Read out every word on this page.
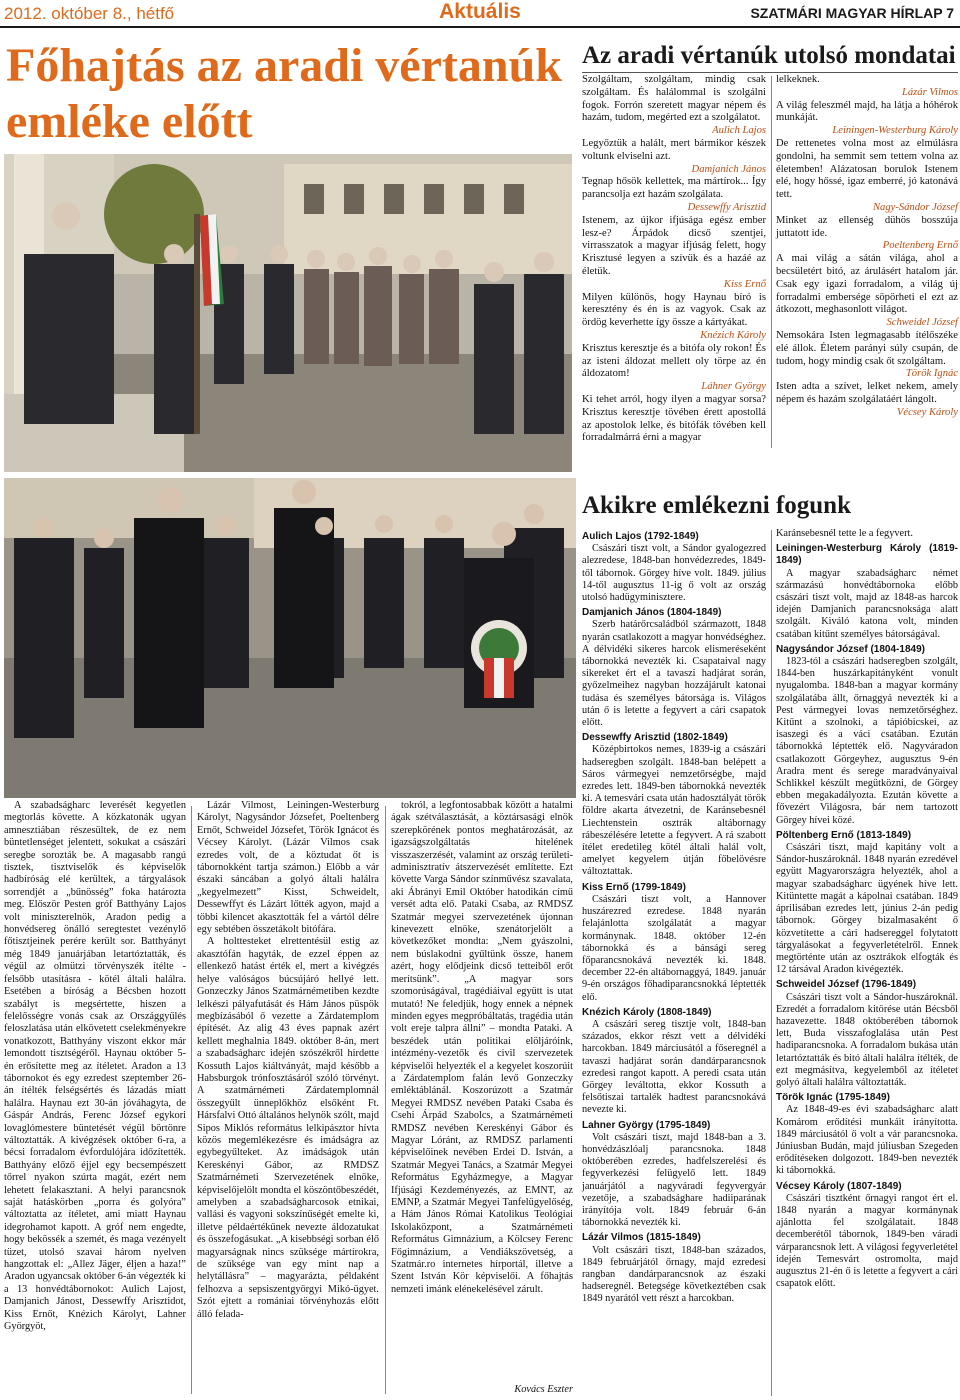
2012. október 8., hétfő	Aktuális	SZATMÁRI MAGYAR HÍRLAP 7
Főhajtás az aradi vértanúk emléke előtt
Az aradi vértanúk utolsó mondatai

Szolgáltam, szolgáltam, mindig csak szolgáltam. És halálommal is szolgálni fogok. Forrón szeretett magyar népem és hazám, tudom, megérted ezt a szolgálatot.

Aulich Lajos

Legyőztük a halált, mert bármikor készek voltunk elviselni azt.

Damjanich János

Tegnap hősök kellettek, ma mártírok... Így parancsolja ezt hazám szolgálata.

Dessewffy Arisztid

Istenem, az újkor ifjúsága egész ember lesz-e? Árpádok dicső szentjei, virrasszatok a magyar ifjúság felett, hogy Krisztusé legyen a szívük és a hazáé az életük.

Kiss Ernő

Milyen különös, hogy Haynau bíró is keresztény és én is az vagyok. Csak az ördög keverhette így össze a kártyákat.

Knézich Károly

Krisztus keresztje és a bitófa oly rokon! És az isteni áldozat mellett oly törpe az én áldozatom!

Láhner György

Ki tehet arról, hogy ilyen a magyar sorsa? Krisztus keresztje tövében érett apostollá az apostolok lelke, és bitófák tövében kell forradalmárrá érni a magyar

lelkeknek.

Lázár Vilmos

A világ feleszmél majd, ha látja a hóhérok munkáját.

Leiningen-Westerburg Károly

De rettenetes volna most az elmúlásra gondolni, ha semmit sem tettem volna az életemben! Alázatosan borulok Istenem elé, hogy hőssé, igaz emberré, jó katonává tett.

Nagy-Sándor József

Minket az ellenség dühös bosszúja juttatott ide.

Poeltenberg Ernő

A mai világ a sátán világa, ahol a becsületért bitó, az árulásért hatalom jár. Csak egy igazi forradalom, a világ új forradalmi embersége söpörheti el ezt az átkozott, meghasonlott világot.

Schweidel József

Nemsokára Isten legmagasabb ítélőszéke elé állok. Életem parányi súly csupán, de tudom, hogy mindig csak őt szolgáltam.

Török Ignác

Isten adta a szívet, lelket nekem, amely népem és hazám szolgálatáért lángolt.

Vécsey Károly

A szabadságharc leverését kegyetlen megtorlás követte. A közkatonák ugyan amnesztiában részesültek, de ez nem büntetlenséget jelentett, sokukat a császári seregbe sorozták be. A magasabb rangú tisztek, tisztviselők és képviselők hadbíróság elé kerültek, a tárgyalások sorrendjét a „bűnösség” foka határozta meg. Először Pesten gróf Batthyány Lajos volt miniszterelnök, Aradon pedig a honvédsereg önálló seregtestet vezénylő főtisztjeinek perére került sor. Batthyányt még 1849 januárjában letartóztatták, és végül az olmützi törvényszék ítélte - felsőbb utasításra - kötél általi halálra. Esetében a bíróság a Bécsben hozott szabályt is megsértette, hiszen a felelősségre vonás csak az Országgyűlés feloszlatása után elkövetett cselekményekre vonatkozott, Batthyány viszont ekkor már lemondott tisztségéről. Haynau október 5-én erősítette meg az ítéletet. Aradon a 13 tábornokot és egy ezredest szeptember 26-án ítélték felségsértés és lázadás miatt halálra. Haynau ezt 30-án jóváhagyta, de Gáspár András, Ferenc József egykori lovaglómestere büntetését végül börtönre változtatták. A kivégzések október 6-ra, a bécsi forradalom évfordulójára időzítették. Batthyány előző éjjel egy becsempészett tőrrel nyakon szúrta magát, ezért nem lehetett felakasztani. A helyi parancsnok saját hatáskörben „porra és golyóra” változtatta az ítéletet, ami miatt Haynau idegrohamot kapott. A gróf nem engedte, hogy bekössék a szemét, és maga vezényelt tüzet, utolsó szavai három nyelven hangzottak el: „Allez Jäger, éljen a haza!” Aradon ugyancsak október 6-án végezték ki a 13 honvédtábornokot: Aulich Lajost, Damjanich Jánost, Dessewffy Arisztidot, Kiss Ernőt, Knézich Károlyt, Lahner Györgyöt,

Lázár Vilmost, Leiningen-Westerburg Károlyt, Nagysándor Józsefet, Poeltenberg Ernőt, Schweidel Józsefet, Török Ignácot és Vécsey Károlyt. (Lázár Vilmos csak ezredes volt, de a köztudat őt is tábornokként tartja számon.) Előbb a vár északi sáncában a golyó általi halálra „kegyelmezett” Kisst, Schweidelt, Dessewffyt és Lázárt lőtték agyon, majd a többi kilencet akasztották fel a vártól délre egy sebtében összetákolt bitófára.

A holttesteket elrettentésül estig az akasztófán hagyták, de ezzel éppen az ellenkező hatást érték el, mert a kivégzés helye valóságos búcsújáró hellyé lett. Gonzeczky János Szatmárnémetiben kezdte lelkészi pályafutását és Hám János püspök megbízásából ő vezette a Zárdatemplom építését. Az alig 43 éves papnak azért kellett meghalnia 1849. október 8-án, mert a szabadságharc idején szószékről hirdette Kossuth Lajos kiáltványát, majd később a Habsburgok trónfosztásáról szóló törvényt. A szatmárnémeti Zárdatemplomnál összegyűlt ünneplőkhöz elsőként Ft. Hársfalvi Ottó általános helynök szólt, majd Sipos Miklós református lelkipásztor hívta közös megemlékezésre és imádságra az egybegyűlteket. Az imádságok után Kereskényi Gábor, az RMDSZ Szatmárnémeti Szervezetének elnöke, képviselőjelölt mondta el köszöntőbeszédét, amelyben a szabadságharcosok etnikai, vallási és vagyoni sokszínűségét emelte ki, illetve példaértékűnek nevezte áldozatukat és összefogásukat. „A kisebbségi sorban élő magyarságnak nincs szüksége mártírokra, de szüksége van egy mint nap a helytállásra” – magyarázta, példaként felhozva a sepsiszentgyörgyi Mikó-ügyet. Szót ejtett a romániai törvényhozás előtt álló felada-

tokról, a legfontosabbak között a hatalmi ágak szétválasztását, a köztársasági elnök szerepkörének pontos meghatározását, az igazságszolgáltatás hitelének visszaszerzését, valamint az ország területi-adminisztratív átszervezését említette. Ezt követte Varga Sándor színművész szavalata, aki Ábrányi Emil Október hatodikán című versét adta elő. Pataki Csaba, az RMDSZ Szatmár megyei szervezetének újonnan kinevezett elnöke, szenátorjelölt a következőket mondta: „Nem gyászolni, nem búslakodni gyűltünk össze, hanem azért, hogy elődjeink dicső tetteiből erőt merítsünk”. „A magyar sors szomorúságával, tragédiáival együtt is utat mutató! Ne feledjük, hogy ennek a népnek minden egyes megpróbáltatás, tragédia után volt ereje talpra állni” – mondta Pataki. A beszédek után politikai elöljáróink, intézmény-vezetők és civil szervezetek képviselői helyezték el a kegyelet koszorúit a Zárdatemplom falán levő Gonzeczky emléktáblánál. Koszorúzott a Szatmár Megyei RMDSZ nevében Pataki Csaba és Csehi Árpád Szabolcs, a Szatmárnémeti RMDSZ nevében Kereskényi Gábor és Magyar Lóránt, az RMDSZ parlamenti képviselőinek nevében Erdei D. István, a Szatmár Megyei Tanács, a Szatmár Megyei Református Egyházmegye, a Magyar Ifjúsági Kezdeményezés, az EMNT, az EMNP, a Szatmár Megyei Tanfelügyelőség, a Hám János Római Katolikus Teológiai Iskolaközpont, a Szatmárnémeti Református Gimnázium, a Kölcsey Ferenc Főgimnázium, a Vendiákszövetség, a Szatmár.ro internetes hírportál, illetve a Szent István Kör képviselői. A főhajtás nemzeti imánk elénekelésével zárult.

Kovács Eszter
Akikre emlékezni fogunk

Aulich Lajos (1792-1849)

Császári tiszt volt, a Sándor gyalogezred alezredese, 1848-ban honvédezredes, 1849-től tábornok. Görgey híve volt. 1849. július 14-től augusztus 11-ig ő volt az ország utolsó hadügyminisztere.

Damjanich János (1804-1849)

Szerb határőrcsaládból származott, 1848 nyarán csatlakozott a magyar honvédséghez. A délvidéki sikeres harcok elismeréseként tábornokká nevezték ki. Csapataival nagy sikereket ért el a tavaszi hadjárat során, győzelmeihez nagyban hozzájárult katonai tudása és személyes bátorsága is. Világos után ő is letette a fegyvert a cári csapatok előtt.

Dessewffy Arisztid (1802-1849)

Középbirtokos nemes, 1839-ig a császári hadseregben szolgált. 1848-ban belépett a Sáros vármegyei nemzetőrségbe, majd ezredes lett. 1849-ben tábornokká nevezték ki. A temesvári csata után hadosztályát török földre akarta átvezetni, de Karánsebesnél Liechtenstein osztrák altábornagy rábeszélésére letette a fegyvert. A rá szabott ítélet eredetileg kötél általi halál volt, amelyet kegyelem útján főbelövésre változtattak.

Kiss Ernő (1799-1849)

Császári tiszt volt, a Hannover huszárezred ezredese. 1848 nyarán felajánlotta szolgálatát a magyar kormánynak. 1848. október 12-én tábornokká és a bánsági sereg főparancsnokává nevezték ki. 1848. december 22-én altábornaggyá, 1849. január 9-én országos főhadiparancsnokká léptették elő.

Knézich Károly (1808-1849)

A császári sereg tisztje volt, 1848-ban százados, ekkor részt vett a délvidéki harcokban. 1849 márciusától a főseregnél a tavaszi hadjárat során dandárparancsnok ezredesi rangot kapott. A peredi csata után Görgey leváltotta, ekkor Kossuth a felsőtiszai tartalék hadtest parancsnokává nevezte ki.

Lahner György (1795-1849)

Volt császári tiszt, majd 1848-ban a 3. honvédzászlóalj parancsnoka. 1848 októberében ezredes, hadfelszerelési és fegyverkezési felügyelő lett. 1849 januárjától a nagyváradi fegyvergyár vezetője, a szabadsághare hadiiparának irányítója volt. 1849 február 6-án tábornokká nevezték ki.

Lázár Vilmos (1815-1849)

Volt császári tiszt, 1848-ban százados, 1849 februárjától őrnagy, majd ezredesi rangban dandárparancsnok az északi hadseregnél. Betegsége következtében csak 1849 nyarától vett részt a harcokban.

Karánsebesnél tette le a fegyvert.

Leiningen-Westerburg Károly (1819-1849)

A magyar szabadságharc német származású honvédtábornoka előbb császári tiszt volt, majd az 1848-as harcok idején Damjanich parancsnoksága alatt szolgált. Kiváló katona volt, minden csatában kitűnt személyes bátorságával.

Nagysándor József (1804-1849)

1823-tól a császári hadseregben szolgált, 1844-ben huszárkapitányként vonult nyugalomba. 1848-ban a magyar kormány szolgálatába állt, őrnaggyá nevezték ki a Pest vármegyei lovas nemzetőrséghez. Kitűnt a szolnoki, a tápióbicskei, az isaszegi és a váci csatában. Ezután tábornokká léptették elő. Nagyváradon csatlakozott Görgeyhez, augusztus 9-én Aradra ment és serege maradványaival Schlikkel készült megütközni, de Görgey ebben megakadályozta. Ezután követte a fővezért Világosra, bár nem tartozott Görgey hívei közé.

Pöltenberg Ernő (1813-1849)

Császári tiszt, majd kapitány volt a Sándor-huszároknál. 1848 nyarán ezredével együtt Magyarországra helyezték, ahol a magyar szabadságharc ügyének híve lett. Kitüntette magát a kápolnai csatában. 1849 áprilisában ezredes lett, június 2-án pedig tábornok. Görgey bizalmasaként ő közvetítette a cári hadsereggel folytatott tárgyalásokat a fegyverletételről. Ennek megtörténte után az osztrákok elfogták és 12 társával Aradon kivégezték.

Schweidel József (1796-1849)

Császári tiszt volt a Sándor-huszároknál. Ezredét a forradalom kitörése után Bécsből hazavezette. 1848 októberében tábornok lett, Buda visszafoglalása után Pest hadiparancsnoka. A forradalom bukása után letartóztatták és bitó általi halálra ítélték, de ezt megmásítva, kegyelemből az ítéletet golyó általi halálra változtatták.

Török Ignác (1795-1849)

Az 1848-49-es évi szabadságharc alatt Komárom erődítési munkáit irányította. 1849 márciusától ő volt a vár parancsnoka. Júniusban Budán, majd júliusban Szegeden erődítéseken dolgozott. 1849-ben nevezték ki tábornokká.

Vécsey Károly (1807-1849)

Császári tisztként őrnagyi rangot ért el. 1848 nyarán a magyar kormánynak ajánlotta fel szolgálatait. 1848 decemberétől tábornok, 1849-ben váradi várparancsnok lett. A világosi fegyverletétel idején Temesvárt ostromolta, majd augusztus 21-én ő is letette a fegyvert a cári csapatok előtt.
